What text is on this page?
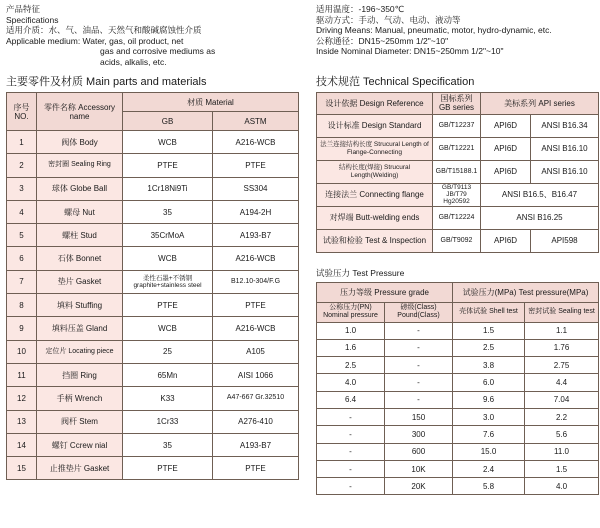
产品特征
Specifications
适用介质：水、气、油品、天然气和酸碱腐蚀性介质
Applicable medium: Water, gas, oil product, net
gas and corrosive mediums as
acids, alkalis, etc.
主要零件及材质 Main parts and materials
序号 NO.	零件名称 Accessory name	材质 Material	
		GB	ASTM
1	阀体 Body	WCB	A216-WCB
2	密封圈 Sealing Ring	PTFE	PTFE
3	球体 Globe Ball	1Cr18Ni9Ti	SS304
4	螺母 Nut	35	A194-2H
5	螺柱 Stud	35CrMoA	A193-B7
6	石体 Bonnet	WCB	A216-WCB
7	垫片 Gasket	柔性石墨+不锈钢 graphite+stainless steel	B12.10-304/F.G
8	填料 Stuffing	PTFE	PTFE
9	填料压盖 Gland	WCB	A216-WCB
10	定位片 Locating piece	25	A105
11	挡圈 Ring	65Mn	AISI 1066
12	手柄 Wrench	K33	A47-667 Gr.32510
13	阀杆 Stem	1Cr33	A276-410
14	螺钉 Ccrew nial	35	A193-B7
15	止推垫片 Gasket	PTFE	PTFE
适用温度：-196~350℃
驱动方式：手动、气动、电动、液动等
Driving Means: Manual, pneumatic, motor, hydro-dynamic, etc.
公称通径：DN15~250mm 1/2"~10"
Inside Nominal Diameter: DN15~250mm 1/2"~10"
技术规范 Technical Specification
设计依据 Design Reference	国标系列 GB series	美标系列 API series	
设计标准 Design Standard	GB/T12237	API6D	ANSI B16.34
法兰连接结构长度 Strucural Length of Flange-Connecting	GB/T12221	API6D	ANSI B16.10
结构长度(焊接) Strucural Length(Welding)	GB/T15188.1	API6D	ANSI B16.10
连接法兰 Connecting flange	GB/T9113 JB/T79 Hg20592	ANSI B16.5、B16.47	
对焊端 Butt-welding ends	GB/T12224	ANSI B16.25	
试验和检验 Test & Inspection	GB/T9092	API6D	API598
试验压力 Test Pressure
压力等级 Pressure grade		试验压力(MPa) Test pressure(MPa)	
公称压力(PN) Nominal pressure	磅级(Class) Pound(Class)	壳体试验 Shell test	密封试验 Sealing test
1.0	-	1.5	1.1
1.6	-	2.5	1.76
2.5	-	3.8	2.75
4.0	-	6.0	4.4
6.4	-	9.6	7.04
-	150	3.0	2.2
-	300	7.6	5.6
-	600	15.0	11.0
-	10K	2.4	1.5
-	20K	5.8	4.0
